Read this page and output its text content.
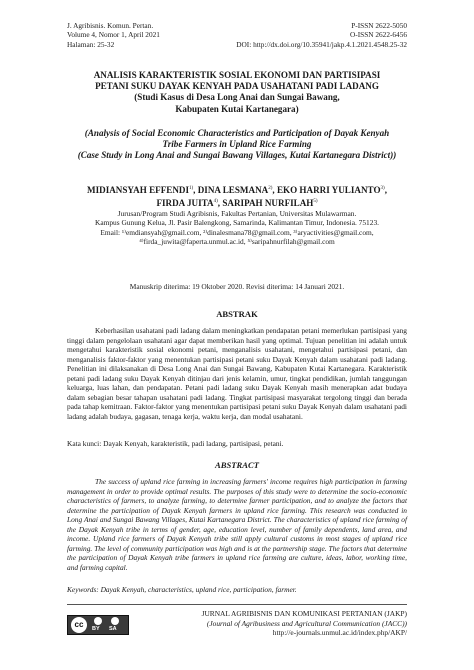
J. Agribisnis. Komun. Pertan.
Volume 4, Nomor 1, April 2021
Halaman: 25-32
P-ISSN 2622-5050
O-ISSN 2622-6456
DOI: http://dx.doi.org/10.35941/jakp.4.1.2021.4548.25-32
ANALISIS KARAKTERISTIK SOSIAL EKONOMI DAN PARTISIPASI
PETANI SUKU DAYAK KENYAH PADA USAHATANI PADI LADANG
(Studi Kasus di Desa Long Anai dan Sungai Bawang,
Kabupaten Kutai Kartanegara)
(Analysis of Social Economic Characteristics and Participation of Dayak Kenyah
Tribe Farmers in Upland Rice Farming
(Case Study in Long Anai and Sungai Bawang Villages, Kutai Kartanegara District))
MIDIANSYAH EFFENDI$^{1)}$, DINA LESMANA$^{2)}$, EKO HARRI YULIANTO$^{3)}$,
FIRDA JUITA$^{4)}$, SARIPAH NURFILAH$^{5)}$
Jurusan/Program Studi Agribisnis, Fakultas Pertanian, Universitas Mulawarman.
Kampus Gunung Kelua, Jl. Pasir Balengkong, Samarinda, Kalimantan Timur, Indonesia. 75123.
Email: ¹⁾emdiansyah@gmail.com, ²⁾dinalesmana78@gmail.com, ³⁾aryactivities@gmail.com,
⁴⁾firda_juwita@faperta.unmul.ac.id, ⁵⁾saripahnurfilah@gmail.com
Manuskrip diterima: 19 Oktober 2020. Revisi diterima: 14 Januari 2021.
ABSTRAK

Keberhasilan usahatani padi ladang dalam meningkatkan pendapatan petani memerlukan partisipasi yang tinggi dalam pengelolaan usahatani agar dapat memberikan hasil yang optimal. Tujuan penelitian ini adalah untuk mengetahui karakteristik sosial ekonomi petani, menganalisis usahatani, mengetahui partisipasi petani, dan menganalisis faktor-faktor yang menentukan partisipasi petani suku Dayak Kenyah dalam usahatani padi ladang. Penelitian ini dilaksanakan di Desa Long Anai dan Sungai Bawang, Kabupaten Kutai Kartanegara. Karakteristik petani padi ladang suku Dayak Kenyah ditinjau dari jenis kelamin, umur, tingkat pendidikan, jumlah tanggungan keluarga, luas lahan, dan pendapatan. Petani padi ladang suku Dayak Kenyah masih menerapkan adat budaya dalam sebagian besar tahapan usahatani padi ladang. Tingkat partisipasi masyarakat tergolong tinggi dan berada pada tahap kemitraan. Faktor-faktor yang menentukan partisipasi petani suku Dayak Kenyah dalam usahatani padi ladang adalah budaya, gagasan, tenaga kerja, waktu kerja, dan modal usahatani.

Kata kunci: Dayak Kenyah, karakteristik, padi ladang, partisipasi, petani.
ABSTRACT

The success of upland rice farming in increasing farmers' income requires high participation in farming management in order to provide optimal results. The purposes of this study were to determine the socio-economic characteristics of farmers, to analyze farming, to determine farmer participation, and to analyze the factors that determine the participation of Dayak Kenyah farmers in upland rice farming. This research was conducted in Long Anai and Sungai Bawang Villages, Kutai Kartanegara District. The characteristics of upland rice farming of the Dayak Kenyah tribe in terms of gender, age, education level, number of family dependents, land area, and income. Upland rice farmers of Dayak Kenyah tribe still apply cultural customs in most stages of upland rice farming. The level of community participation was high and is at the partnership stage. The factors that determine the participation of Dayak Kenyah tribe farmers in upland rice farming are culture, ideas, labor, working time, and farming capital.

Keywords: Dayak Kenyah, characteristics, upland rice, participation, farmer.
cc	BY SA
JURNAL AGRIBISNIS DAN KOMUNIKASI PERTANIAN (JAKP)
(Journal of Agribusiness and Agricultural Communication (JACC))
http://e-journals.unmul.ac.id/index.php/AKP/
